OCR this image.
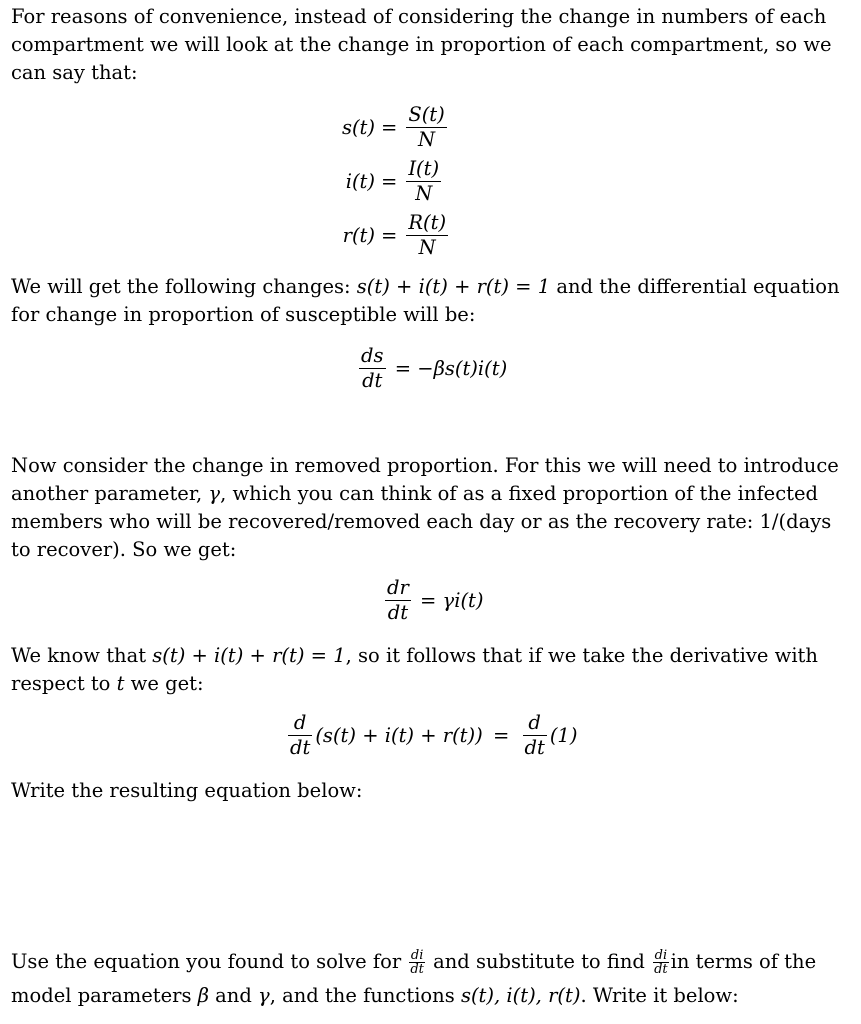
For reasons of convenience, instead of considering the change in numbers of each compartment we will look at the change in proportion of each compartment, so we can say that:
$s(t) = \frac{S(t)}{N}$
$i(t) = \frac{I(t)}{N}$
$r(t) = \frac{R(t)}{N}$
We will get the following changes: s(t) + i(t) + r(t) = 1 and the differential equation for change in proportion of susceptible will be:
$\frac{ds}{dt} = -\beta s(t)i(t)$
Now consider the change in removed proportion. For this we will need to introduce another parameter, γ, which you can think of as a fixed proportion of the infected members who will be recovered/removed each day or as the recovery rate: 1/(days to recover). So we get:
$\frac{dr}{dt} = \gamma i(t)$
We know that s(t) + i(t) + r(t) = 1, so it follows that if we take the derivative with respect to t we get:
$\frac{d}{dt} (s(t) + i(t) + r(t)) = \frac{d}{dt} (1)$
Write the resulting equation below:
Use the equation you found to solve for $\frac{di}{dt}$ and substitute to find $\frac{di}{dt}$ in terms of the model parameters β and γ, and the functions s(t), i(t), r(t). Write it below:
